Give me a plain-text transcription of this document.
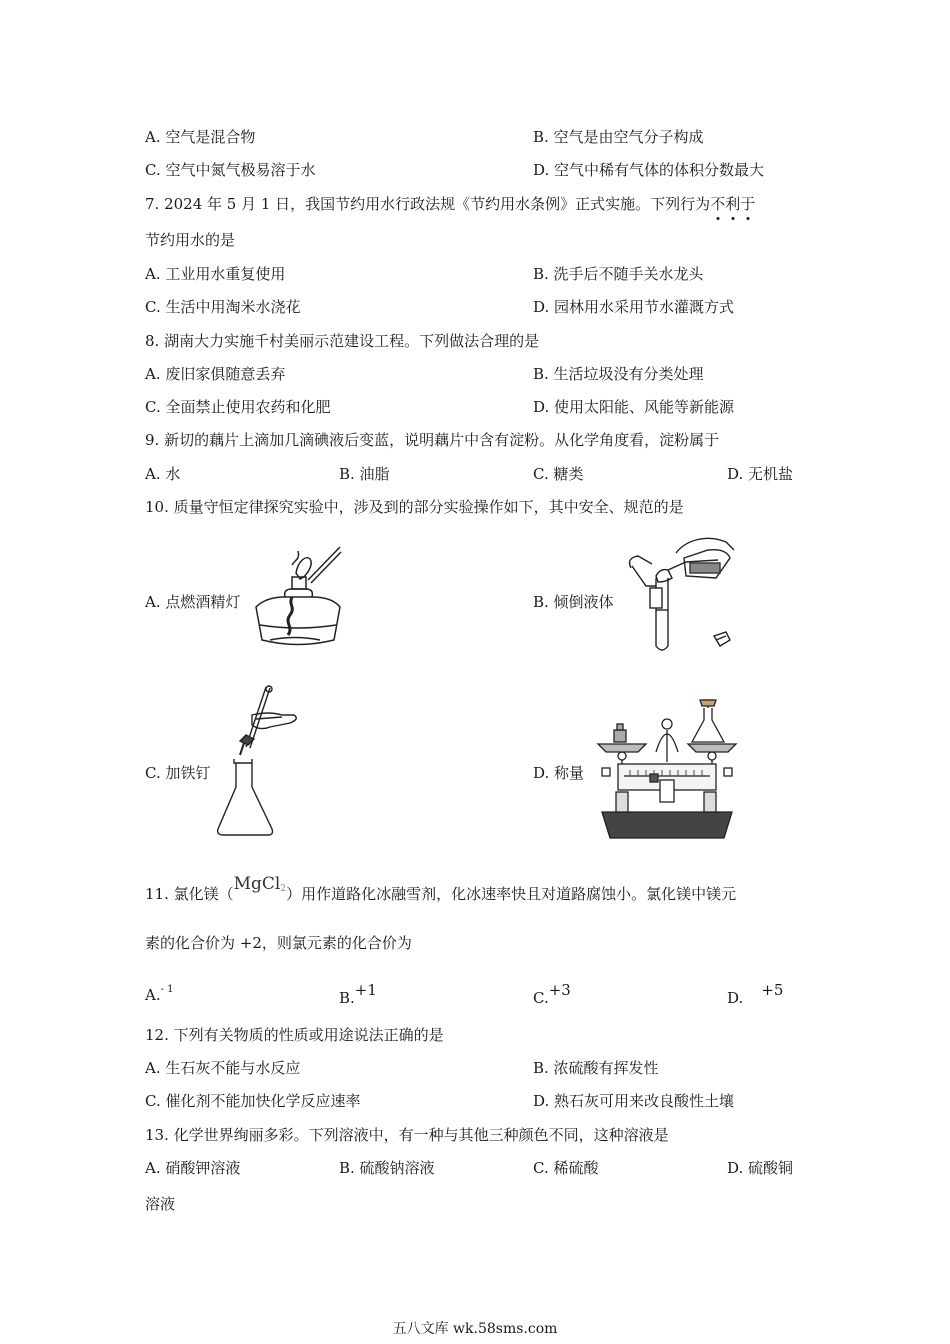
A. 空气是混合物	B. 空气是由空气分子构成
C. 空气中氮气极易溶于水	D. 空气中稀有气体的体积分数最大
7. 2024 年 5 月 1 日，我国节约用水行政法规《节约用水条例》正式实施。下列行为不利于
节约用水的是
A. 工业用水重复使用	B. 洗手后不随手关水龙头
C. 生活中用淘米水浇花	D. 园林用水采用节水灌溉方式
8. 湖南大力实施千村美丽示范建设工程。下列做法合理的是
A. 废旧家俱随意丢弃	B. 生活垃圾没有分类处理
C. 全面禁止使用农药和化肥	D. 使用太阳能、风能等新能源
9. 新切的藕片上滴加几滴碘液后变蓝，说明藕片中含有淀粉。从化学角度看，淀粉属于
A. 水	B. 油脂	C. 糖类	D. 无机盐
10. 质量守恒定律探究实验中，涉及到的部分实验操作如下，其中安全、规范的是
A. 点燃酒精灯	B. 倾倒液体
C. 加铁钉	D. 称量
11. 氯化镁（MgCl$_2$）用作道路化冰融雪剂，化冰速率快且对道路腐蚀小。氯化镁中镁元
素的化合价为 +2，则氯元素的化合价为
A.$^{- 1}$	B.+1	C.+3	D. +5
12. 下列有关物质的性质或用途说法正确的是
A. 生石灰不能与水反应	B. 浓硫酸有挥发性
C. 催化剂不能加快化学反应速率	D. 熟石灰可用来改良酸性土壤
13. 化学世界绚丽多彩。下列溶液中，有一种与其他三种颜色不同，这种溶液是
A. 硝酸钾溶液	B. 硫酸钠溶液	C. 稀硫酸	D. 硫酸铜
溶液
五八文库 wk.58sms.com
